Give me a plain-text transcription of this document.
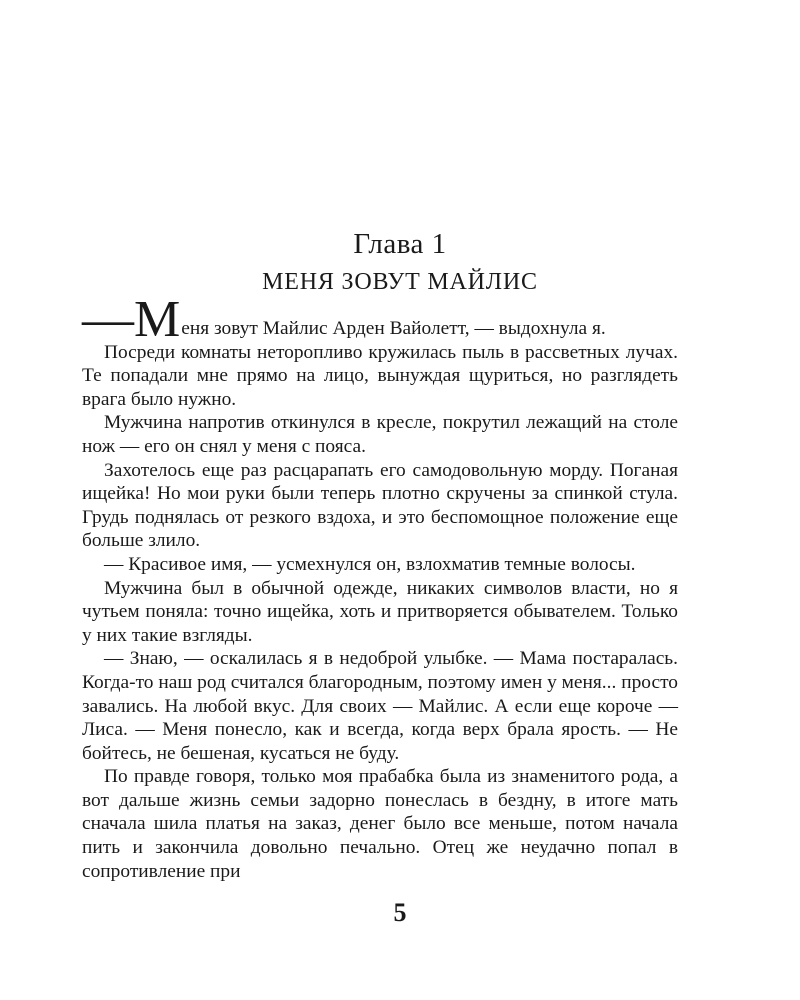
Глава 1
МЕНЯ ЗОВУТ МАЙЛИС

—Меня зовут Майлис Арден Вайолетт, — выдохнула я.

Посреди комнаты неторопливо кружилась пыль в рассветных лучах. Те попадали мне прямо на лицо, вынуждая щуриться, но разглядеть врага было нужно.

Мужчина напротив откинулся в кресле, покрутил лежащий на столе нож — его он снял у меня с пояса.

Захотелось еще раз расцарапать его самодовольную морду. Поганая ищейка! Но мои руки были теперь плотно скручены за спинкой стула. Грудь поднялась от резкого вздоха, и это беспомощное положение еще больше злило.

— Красивое имя, — усмехнулся он, взлохматив темные волосы.

Мужчина был в обычной одежде, никаких символов власти, но я чутьем поняла: точно ищейка, хоть и притворяется обывателем. Только у них такие взгляды.

— Знаю, — оскалилась я в недоброй улыбке. — Мама постаралась. Когда-то наш род считался благородным, поэтому имен у меня... просто завались. На любой вкус. Для своих — Майлис. А если еще короче — Лиса. — Меня понесло, как и всегда, когда верх брала ярость. — Не бойтесь, не бешеная, кусаться не буду.

По правде говоря, только моя прабабка была из знаменитого рода, а вот дальше жизнь семьи задорно понеслась в бездну, в итоге мать сначала шила платья на заказ, денег было все меньше, потом начала пить и закончила довольно печально. Отец же неудачно попал в сопротивление при

5
